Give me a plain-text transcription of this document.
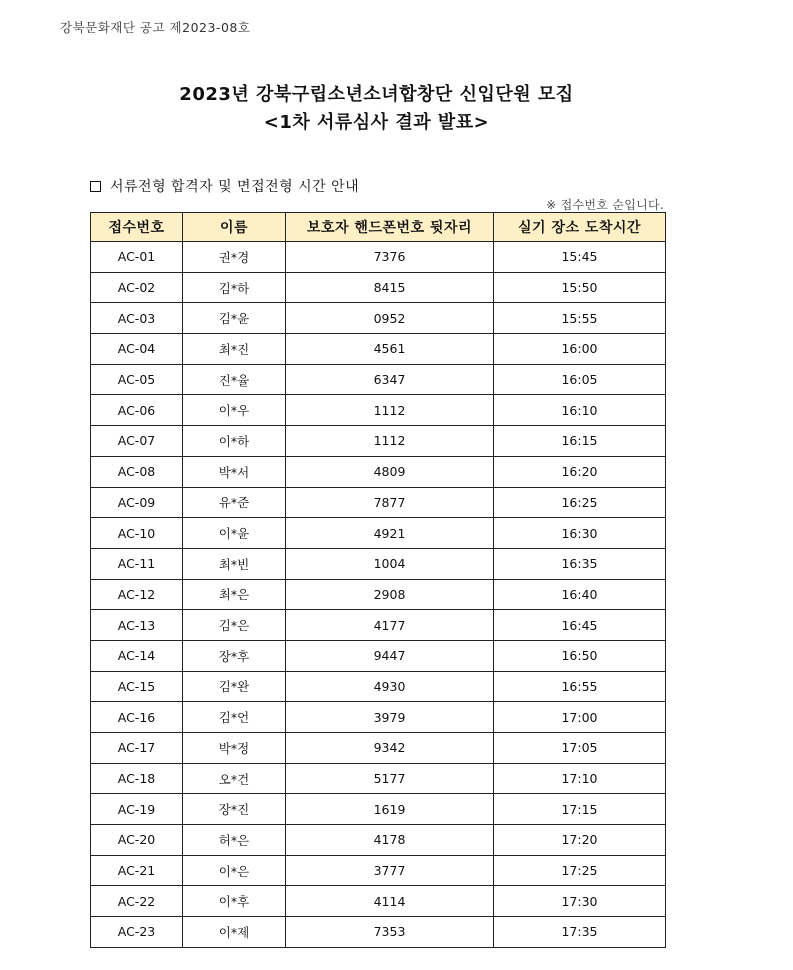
강북문화재단 공고 제2023-08호
2023년 강북구립소년소녀합창단 신입단원 모집
<1차 서류심사 결과 발표>
서류전형 합격자 및 면접전형 시간 안내
※ 접수번호 순입니다.
접수번호	이름	보호자 핸드폰번호 뒷자리	실기 장소 도착시간
AC-01	권*경	7376	15:45
AC-02	김*하	8415	15:50
AC-03	김*윤	0952	15:55
AC-04	최*진	4561	16:00
AC-05	진*율	6347	16:05
AC-06	이*우	1112	16:10
AC-07	이*하	1112	16:15
AC-08	박*서	4809	16:20
AC-09	유*준	7877	16:25
AC-10	이*윤	4921	16:30
AC-11	최*빈	1004	16:35
AC-12	최*은	2908	16:40
AC-13	김*은	4177	16:45
AC-14	장*후	9447	16:50
AC-15	김*완	4930	16:55
AC-16	김*언	3979	17:00
AC-17	박*정	9342	17:05
AC-18	오*건	5177	17:10
AC-19	장*진	1619	17:15
AC-20	허*은	4178	17:20
AC-21	이*은	3777	17:25
AC-22	이*후	4114	17:30
AC-23	이*제	7353	17:35
